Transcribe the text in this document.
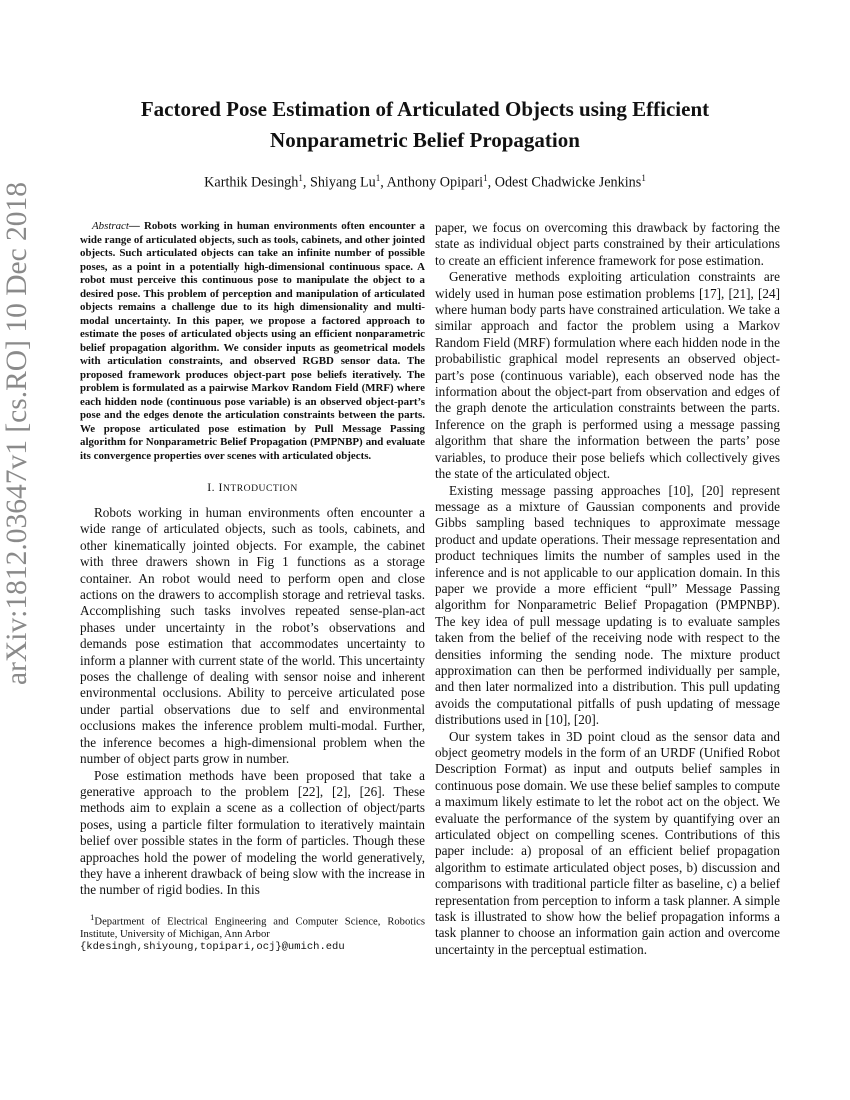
arXiv:1812.03647v1 [cs.RO] 10 Dec 2018
Factored Pose Estimation of Articulated Objects using Efficient Nonparametric Belief Propagation
Karthik Desingh$^1$, Shiyang Lu$^1$, Anthony Opipari$^1$, Odest Chadwicke Jenkins$^1$

Abstract— Robots working in human environments often encounter a wide range of articulated objects, such as tools, cabinets, and other jointed objects. Such articulated objects can take an infinite number of possible poses, as a point in a potentially high-dimensional continuous space. A robot must perceive this continuous pose to manipulate the object to a desired pose. This problem of perception and manipulation of articulated objects remains a challenge due to its high dimensionality and multi-modal uncertainty. In this paper, we propose a factored approach to estimate the poses of articulated objects using an efficient nonparametric belief propagation algorithm. We consider inputs as geometrical models with articulation constraints, and observed RGBD sensor data. The proposed framework produces object-part pose beliefs iteratively. The problem is formulated as a pairwise Markov Random Field (MRF) where each hidden node (continuous pose variable) is an observed object-part’s pose and the edges denote the articulation constraints between the parts. We propose articulated pose estimation by Pull Message Passing algorithm for Nonparametric Belief Propagation (PMPNBP) and evaluate its convergence properties over scenes with articulated objects.

I. INTRODUCTION

Robots working in human environments often encounter a wide range of articulated objects, such as tools, cabinets, and other kinematically jointed objects. For example, the cabinet with three drawers shown in Fig 1 functions as a storage container. An robot would need to perform open and close actions on the drawers to accomplish storage and retrieval tasks. Accomplishing such tasks involves repeated sense-plan-act phases under uncertainty in the robot’s observations and demands pose estimation that accommodates uncertainty to inform a planner with current state of the world. This uncertainty poses the challenge of dealing with sensor noise and inherent environmental occlusions. Ability to perceive articulated pose under partial observations due to self and environmental occlusions makes the inference problem multi-modal. Further, the inference becomes a high-dimensional problem when the number of object parts grow in number.

Pose estimation methods have been proposed that take a generative approach to the problem [22], [2], [26]. These methods aim to explain a scene as a collection of object/parts poses, using a particle filter formulation to iteratively maintain belief over possible states in the form of particles. Though these approaches hold the power of modeling the world generatively, they have a inherent drawback of being slow with the increase in the number of rigid bodies. In this

$^1$Department of Electrical Engineering and Computer Science, Robotics Institute, University of Michigan, Ann Arbor
{kdesingh,shiyoung,topipari,ocj}@umich.edu

paper, we focus on overcoming this drawback by factoring the state as individual object parts constrained by their articulations to create an efficient inference framework for pose estimation.

Generative methods exploiting articulation constraints are widely used in human pose estimation problems [17], [21], [24] where human body parts have constrained articulation. We take a similar approach and factor the problem using a Markov Random Field (MRF) formulation where each hidden node in the probabilistic graphical model represents an observed object-part’s pose (continuous variable), each observed node has the information about the object-part from observation and edges of the graph denote the articulation constraints between the parts. Inference on the graph is performed using a message passing algorithm that share the information between the parts’ pose variables, to produce their pose beliefs which collectively gives the state of the articulated object.

Existing message passing approaches [10], [20] represent message as a mixture of Gaussian components and provide Gibbs sampling based techniques to approximate message product and update operations. Their message representation and product techniques limits the number of samples used in the inference and is not applicable to our application domain. In this paper we provide a more efficient “pull” Message Passing algorithm for Nonparametric Belief Propagation (PMPNBP). The key idea of pull message updating is to evaluate samples taken from the belief of the receiving node with respect to the densities informing the sending node. The mixture product approximation can then be performed individually per sample, and then later normalized into a distribution. This pull updating avoids the computational pitfalls of push updating of message distributions used in [10], [20].

Our system takes in 3D point cloud as the sensor data and object geometry models in the form of an URDF (Unified Robot Description Format) as input and outputs belief samples in continuous pose domain. We use these belief samples to compute a maximum likely estimate to let the robot act on the object. We evaluate the performance of the system by quantifying over an articulated object on compelling scenes. Contributions of this paper include: a) proposal of an efficient belief propagation algorithm to estimate articulated object poses, b) discussion and comparisons with traditional particle filter as baseline, c) a belief representation from perception to inform a task planner. A simple task is illustrated to show how the belief propagation informs a task planner to choose an information gain action and overcome uncertainty in the perceptual estimation.
